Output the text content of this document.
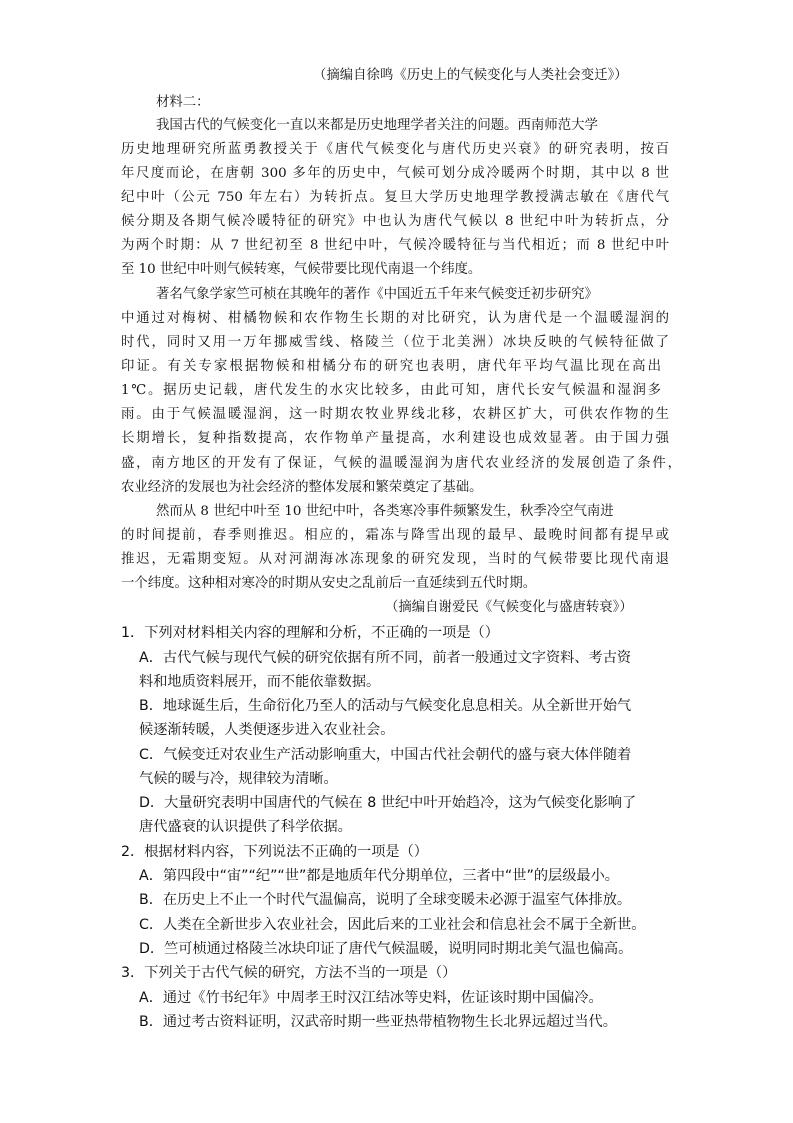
（摘编自徐鸣《历史上的气候变化与人类社会变迁》）
材料二：
我国古代的气候变化一直以来都是历史地理学者关注的问题。西南师范大学
历史地理研究所蓝勇教授关于《唐代气候变化与唐代历史兴衰》的研究表明，按百
年尺度而论，在唐朝 300 多年的历史中，气候可划分成冷暖两个时期，其中以 8 世
纪中叶（公元 750 年左右）为转折点。复旦大学历史地理学教授满志敏在《唐代气
候分期及各期气候冷暖特征的研究》中也认为唐代气候以 8 世纪中叶为转折点，分
为两个时期：从 7 世纪初至 8 世纪中叶，气候冷暖特征与当代相近；而 8 世纪中叶
至 10 世纪中叶则气候转寒，气候带要比现代南退一个纬度。
著名气象学家竺可桢在其晚年的著作《中国近五千年来气候变迁初步研究》
中通过对梅树、柑橘物候和农作物生长期的对比研究，认为唐代是一个温暖湿润的
时代，同时又用一万年挪威雪线、格陵兰（位于北美洲）冰块反映的气候特征做了
印证。有关专家根据物候和柑橘分布的研究也表明，唐代年平均气温比现在高出
1℃。据历史记载，唐代发生的水灾比较多，由此可知，唐代长安气候温和湿润多
雨。由于气候温暖湿润，这一时期农牧业界线北移，农耕区扩大，可供农作物的生
长期增长，复种指数提高，农作物单产量提高，水利建设也成效显著。由于国力强
盛，南方地区的开发有了保证，气候的温暖湿润为唐代农业经济的发展创造了条件，
农业经济的发展也为社会经济的整体发展和繁荣奠定了基础。
然而从 8 世纪中叶至 10 世纪中叶，各类寒冷事件频繁发生，秋季冷空气南进
的时间提前，春季则推迟。相应的，霜冻与降雪出现的最早、最晚时间都有提早或
推迟，无霜期变短。从对河湖海冰冻现象的研究发现，当时的气候带要比现代南退
一个纬度。这种相对寒冷的时期从安史之乱前后一直延续到五代时期。
（摘编自谢爱民《气候变化与盛唐转衰》）
1．下列对材料相关内容的理解和分析，不正确的一项是（）
A．古代气候与现代气候的研究依据有所不同，前者一般通过文字资料、考古资
料和地质资料展开，而不能依靠数据。
B．地球诞生后，生命衍化乃至人的活动与气候变化息息相关。从全新世开始气
候逐渐转暖，人类便逐步进入农业社会。
C．气候变迁对农业生产活动影响重大，中国古代社会朝代的盛与衰大体伴随着
气候的暖与冷，规律较为清晰。
D．大量研究表明中国唐代的气候在 8 世纪中叶开始趋冷，这为气候变化影响了
唐代盛衰的认识提供了科学依据。
2．根据材料内容，下列说法不正确的一项是（）
A．第四段中“宙”“纪”“世”都是地质年代分期单位，三者中“世”的层级最小。
B．在历史上不止一个时代气温偏高，说明了全球变暖未必源于温室气体排放。
C．人类在全新世步入农业社会，因此后来的工业社会和信息社会不属于全新世。
D．竺可桢通过格陵兰冰块印证了唐代气候温暖，说明同时期北美气温也偏高。
3．下列关于古代气候的研究，方法不当的一项是（）
A．通过《竹书纪年》中周孝王时汉江结冰等史料，佐证该时期中国偏冷。
B．通过考古资料证明，汉武帝时期一些亚热带植物物生长北界远超过当代。
